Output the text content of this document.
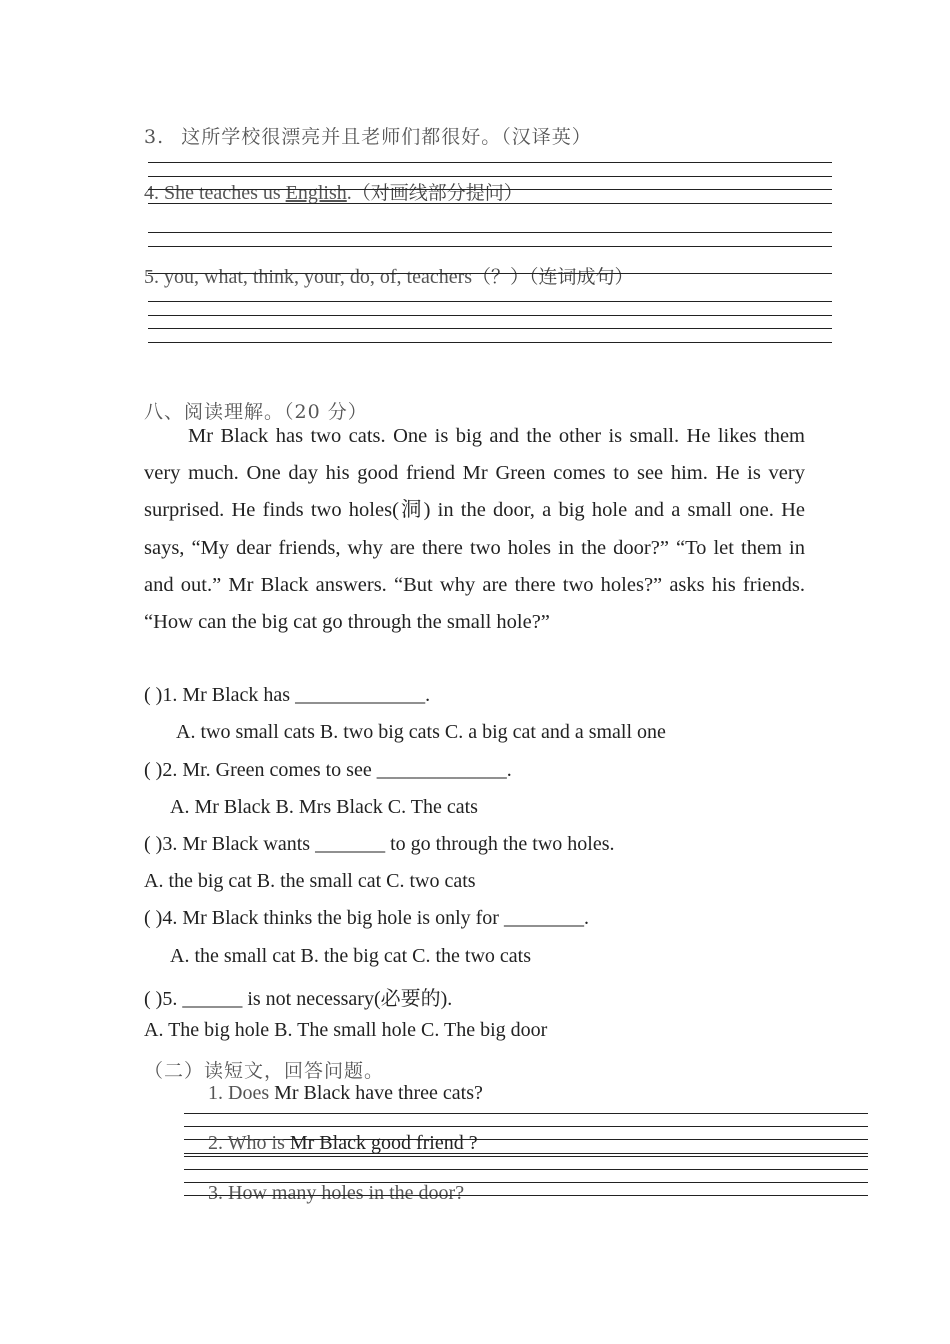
3. 这所学校很漂亮并且老师们都很好。（汉译英）
4. She teaches us English.（对画线部分提问）
5. you, what, think, your, do, of, teachers（？）（连词成句）
八、阅读理解。（20 分）
Mr Black has two cats. One is big and the other is small. He likes them very much. One day his good friend Mr Green comes to see him. He is very surprised. He finds two holes(洞) in the door, a big hole and a small one. He says, “My dear friends, why are there two holes in the door?” “To let them in and out.” Mr Black answers. “But why are there two holes?” asks his friends. “How can the big cat go through the small hole?”
( )1. Mr Black has _____________.
A. two small cats B. two big cats C. a big cat and a small one
( )2. Mr. Green comes to see _____________.
A. Mr Black B. Mrs Black C. The cats
( )3. Mr Black wants _______ to go through the two holes.
A. the big cat B. the small cat C. two cats
( )4. Mr Black thinks the big hole is only for ________.
A. the small cat B. the big cat C. the two cats
( )5. ______ is not necessary(必要的).
A. The big hole B. The small hole C. The big door
（二）读短文，回答问题。
1. Does Mr Black have three cats?
2. Who is Mr Black good friend ?
3. How many holes in the door?
